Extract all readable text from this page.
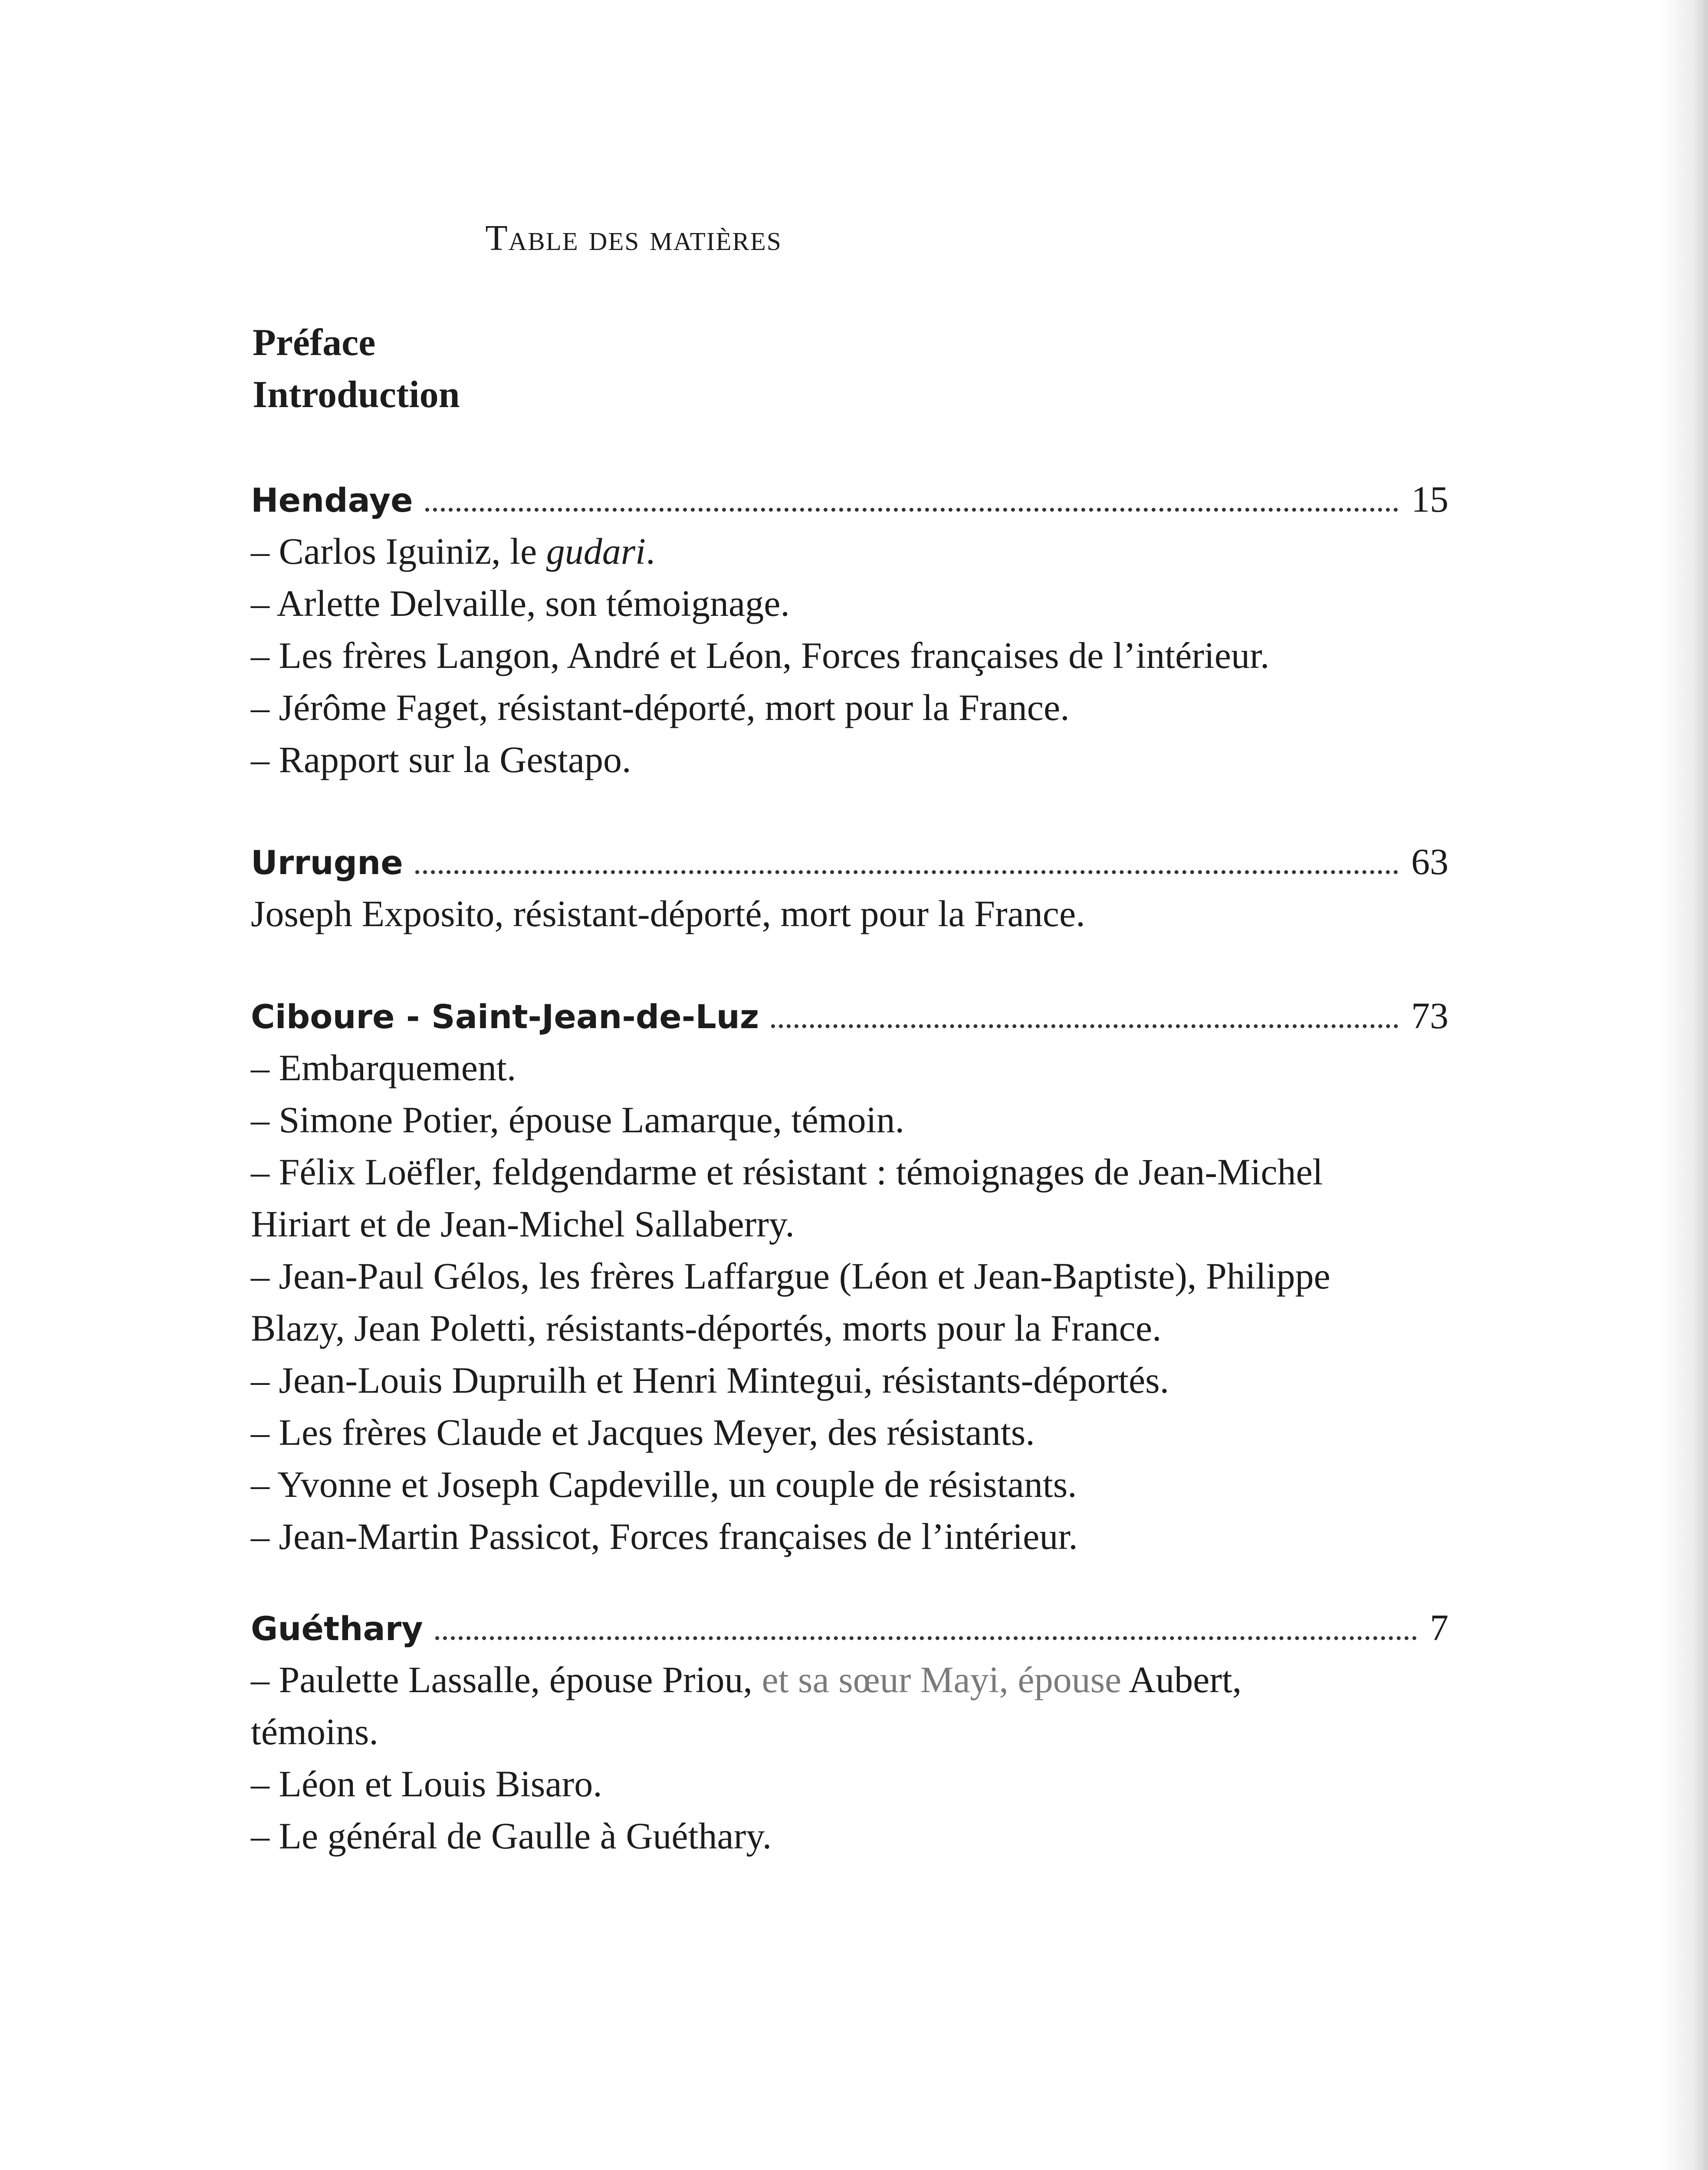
Table des matières
Préface
Introduction
Hendaye	15
– Carlos Iguiniz, le gudari.
– Arlette Delvaille, son témoignage.
– Les frères Langon, André et Léon, Forces françaises de l’intérieur.
– Jérôme Faget, résistant-déporté, mort pour la France.
– Rapport sur la Gestapo.
Urrugne	63
Joseph Exposito, résistant-déporté, mort pour la France.
Ciboure - Saint-Jean-de-Luz	73
– Embarquement.
– Simone Potier, épouse Lamarque, témoin.
– Félix Loëfler, feldgendarme et résistant : témoignages de Jean-Michel
Hiriart et de Jean-Michel Sallaberry.
– Jean-Paul Gélos, les frères Laffargue (Léon et Jean-Baptiste), Philippe
Blazy, Jean Poletti, résistants-déportés, morts pour la France.
– Jean-Louis Dupruilh et Henri Mintegui, résistants-déportés.
– Les frères Claude et Jacques Meyer, des résistants.
– Yvonne et Joseph Capdeville, un couple de résistants.
– Jean-Martin Passicot, Forces françaises de l’intérieur.
Guéthary	7
– Paulette Lassalle, épouse Priou, et sa sœur Mayi, épouse Aubert,
témoins.
– Léon et Louis Bisaro.
– Le général de Gaulle à Guéthary.
